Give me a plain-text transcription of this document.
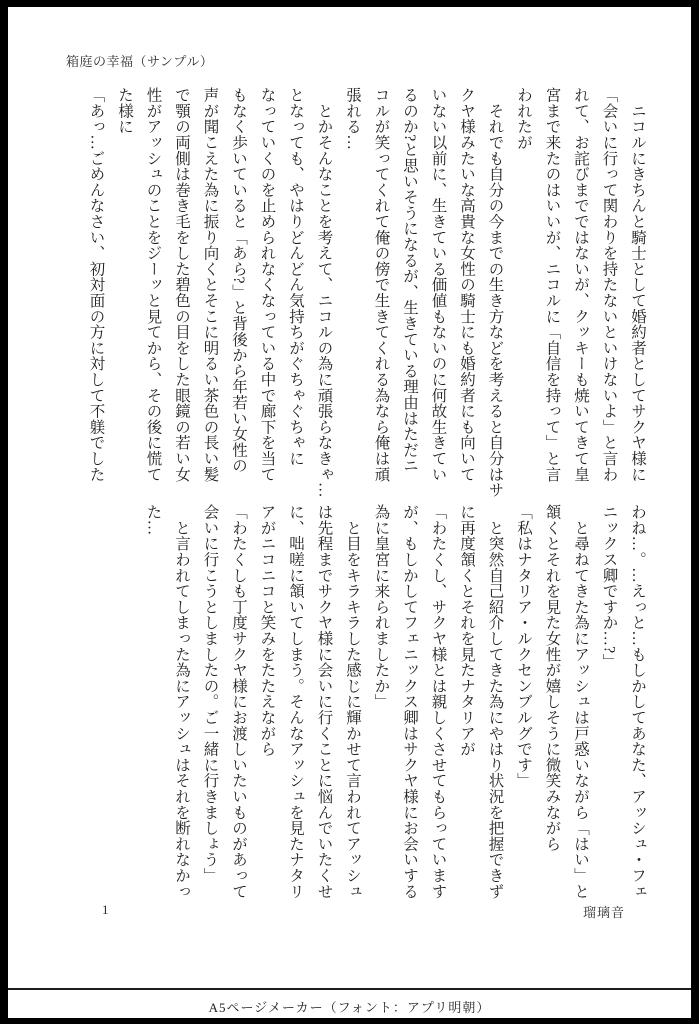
箱庭の幸福（サンプル）

　ニコルにきちんと騎士として婚約者としてサクヤ様に

「会いに行って関わりを持たないといけないよ」と言わ

れて、お詫びまでではないが、クッキーも焼いてきて皇

宮まで来たのはいいが、ニコルに「自信を持って」と言

われたが

　それでも自分の今までの生き方などを考えると自分はサ

クヤ様みたいな高貴な女性の騎士にも婚約者にも向いて

いない以前に、生きている価値もないのに何故生きてい

るのか?と思いそうになるが、生きている理由はただニ

コルが笑ってくれて俺の傍で生きてくれる為なら俺は頑

張れる…

　とかそんなことを考えて、ニコルの為に頑張らなきゃ…

となっても、やはりどんどん気持ちがぐちゃぐちゃに

なっていくのを止められなくなっている中で廊下を当て

もなく歩いていると「あら?」と背後から年若い女性の

声が聞こえた為に振り向くとそこに明るい茶色の長い髪

で顎の両側は巻き毛をした碧色の目をした眼鏡の若い女

性がアッシュのことをジーッと見てから、その後に慌て

た様に

「あっ…ごめんなさい、初対面の方に対して不躾でした

わね…。…えっと…もしかしてあなた、アッシュ・フェ

ニックス卿ですか…?」

　と尋ねてきた為にアッシュは戸惑いながら「はい」と

頷くとそれを見た女性が嬉しそうに微笑みながら

「私はナタリア・ルクセンブルグです」

　と突然自己紹介してきた為にやはり状況を把握できず

に再度頷くとそれを見たナタリアが

「わたくし、サクヤ様とは親しくさせてもらっています

が、もしかしてフェニックス卿はサクヤ様にお会いする

為に皇宮に来られましたか」

　と目をキラキラした感じに輝かせて言われてアッシュ

は先程までサクヤ様に会いに行くことに悩んでいたくせ

に、咄嗟に頷いてしまう。そんなアッシュを見たナタリ

アがニコニコと笑みをたたえながら

「わたくしも丁度サクヤ様にお渡しいたいものがあって

会いに行こうとしましたの。ご一緒に行きましょう」

　と言われてしまった為にアッシュはそれを断れなかっ

た…

1	瑠璃音
A5ページメーカー（フォント：アプリ明朝）
